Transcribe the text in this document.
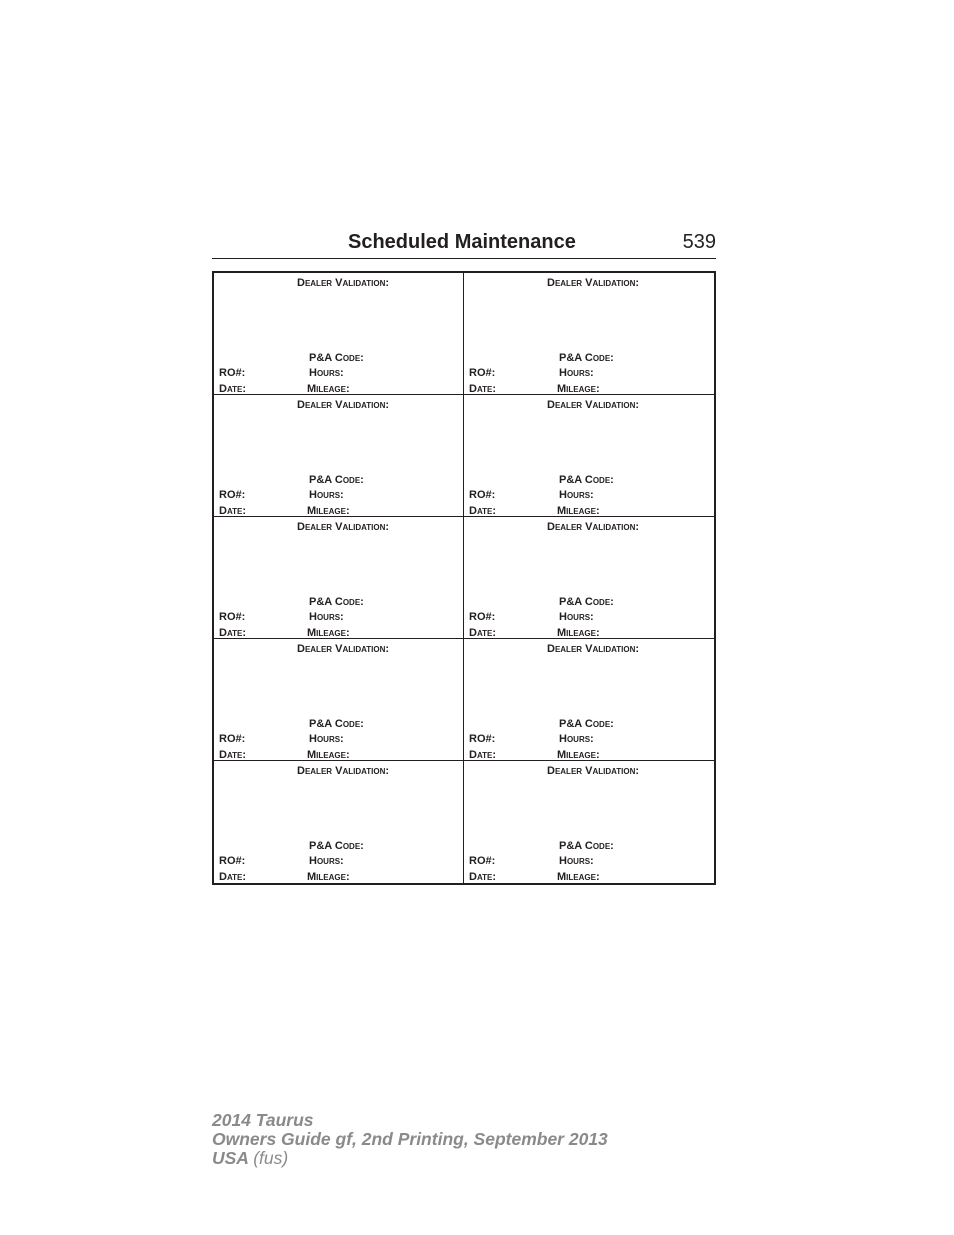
Scheduled Maintenance	539
Dealer Validation:
P&A Code:
RO#:	Hours:
Date:	Mileage:
Dealer Validation:
P&A Code:
RO#:	Hours:
Date:	Mileage:
Dealer Validation:
P&A Code:
RO#:	Hours:
Date:	Mileage:
Dealer Validation:
P&A Code:
RO#:	Hours:
Date:	Mileage:
Dealer Validation:
P&A Code:
RO#:	Hours:
Date:	Mileage:
Dealer Validation:
P&A Code:
RO#:	Hours:
Date:	Mileage:
Dealer Validation:
P&A Code:
RO#:	Hours:
Date:	Mileage:
Dealer Validation:
P&A Code:
RO#:	Hours:
Date:	Mileage:
Dealer Validation:
P&A Code:
RO#:	Hours:
Date:	Mileage:
Dealer Validation:
P&A Code:
RO#:	Hours:
Date:	Mileage:
2014 Taurus
Owners Guide gf, 2nd Printing, September 2013
USA (fus)
